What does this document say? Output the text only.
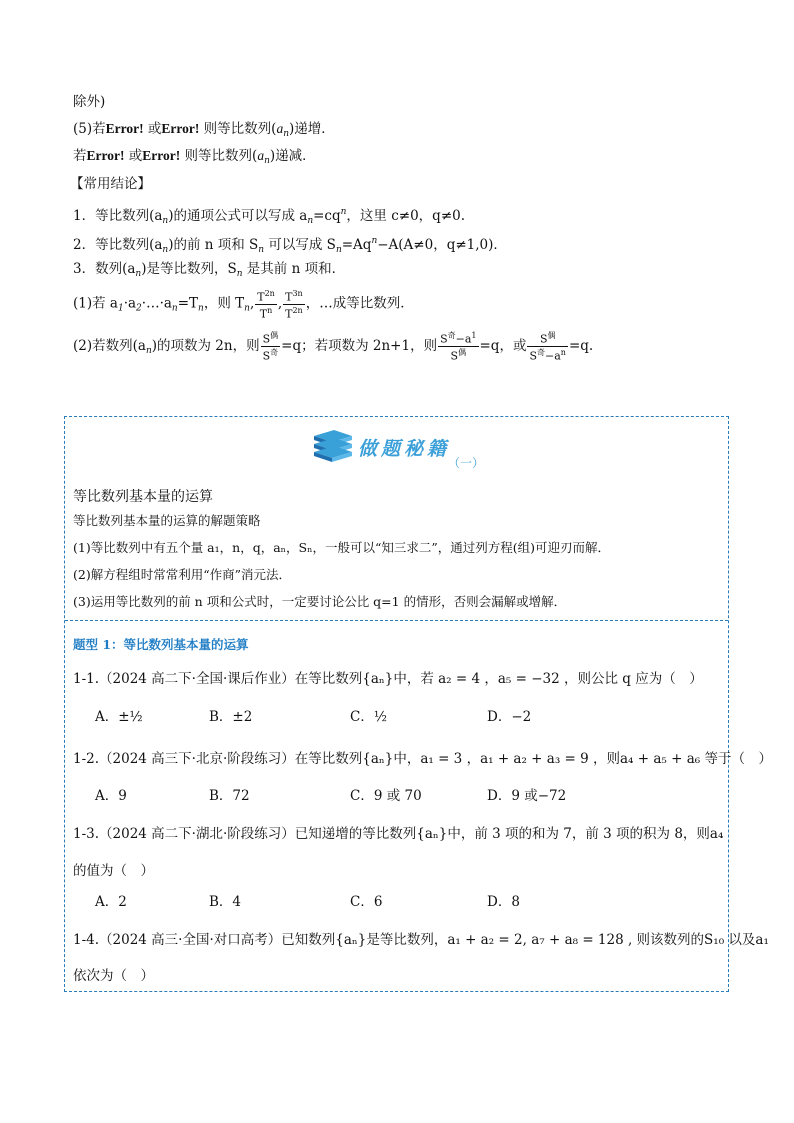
除外)
(5)若Error! 或Error! 则等比数列$(a_n)$递增．
若Error! 或Error! 则等比数列$(a_n)$递减．
【常用结论】
1．等比数列$(a_n)$的通项公式可以写成 $a_n=cq^n$，这里 c≠0，q≠0.
2．等比数列$(a_n)$的前 n 项和 $S_n$ 可以写成 $S_n=Aq^n-A(A\ne 0$，q≠1,0)．
3．数列$(a_n)$是等比数列，$S_n$ 是其前 n 项和．
(1)若 $a_1\cdot a_2\cdot\dots\cdot a_n=T_n$，则 $T_n$, $\frac{T^{2n}}{T^n}$ , $\frac{T^{3n}}{T^{2n}}$ ，…成等比数列．
(2)若数列$(a_n)$的项数为 2n，则 $\frac{S^偶}{S^奇} =q$；若项数为 2n+1，则 $\frac{S^奇-a^1}{S^偶} =q$，或 $\frac{S^偶}{S^奇-a^n} =q$.
做题秘籍
（一）
等比数列基本量的运算
等比数列基本量的运算的解题策略
(1)等比数列中有五个量 a₁，n，q，aₙ，Sₙ，一般可以“知三求二”，通过列方程(组)可迎刃而解．
(2)解方程组时常常利用“作商”消元法．
(3)运用等比数列的前 n 项和公式时，一定要讨论公比 q=1 的情形，否则会漏解或增解．
题型 1：等比数列基本量的运算
1-1.（2024 高二下·全国·课后作业）在等比数列{aₙ}中，若 a₂ = 4 ，a₅ = −32 ，则公比 q 应为（　）
A．±½	B．±2	C．½	D．−2
1-2.（2024 高三下·北京·阶段练习）在等比数列{aₙ}中，a₁ = 3 ，a₁ + a₂ + a₃ = 9 ，则a₄ + a₅ + a₆ 等于（　）
A．9	B．72	C．9 或 70	D．9 或−72
1-3.（2024 高二下·湖北·阶段练习）已知递增的等比数列{aₙ}中，前 3 项的和为 7，前 3 项的积为 8，则a₄
的值为（　）
A．2	B．4	C．6	D．8
1-4.（2024 高三·全国·对口高考）已知数列{aₙ}是等比数列，a₁ + a₂ = 2, a₇ + a₈ = 128 , 则该数列的S₁₀ 以及a₁
依次为（　）
